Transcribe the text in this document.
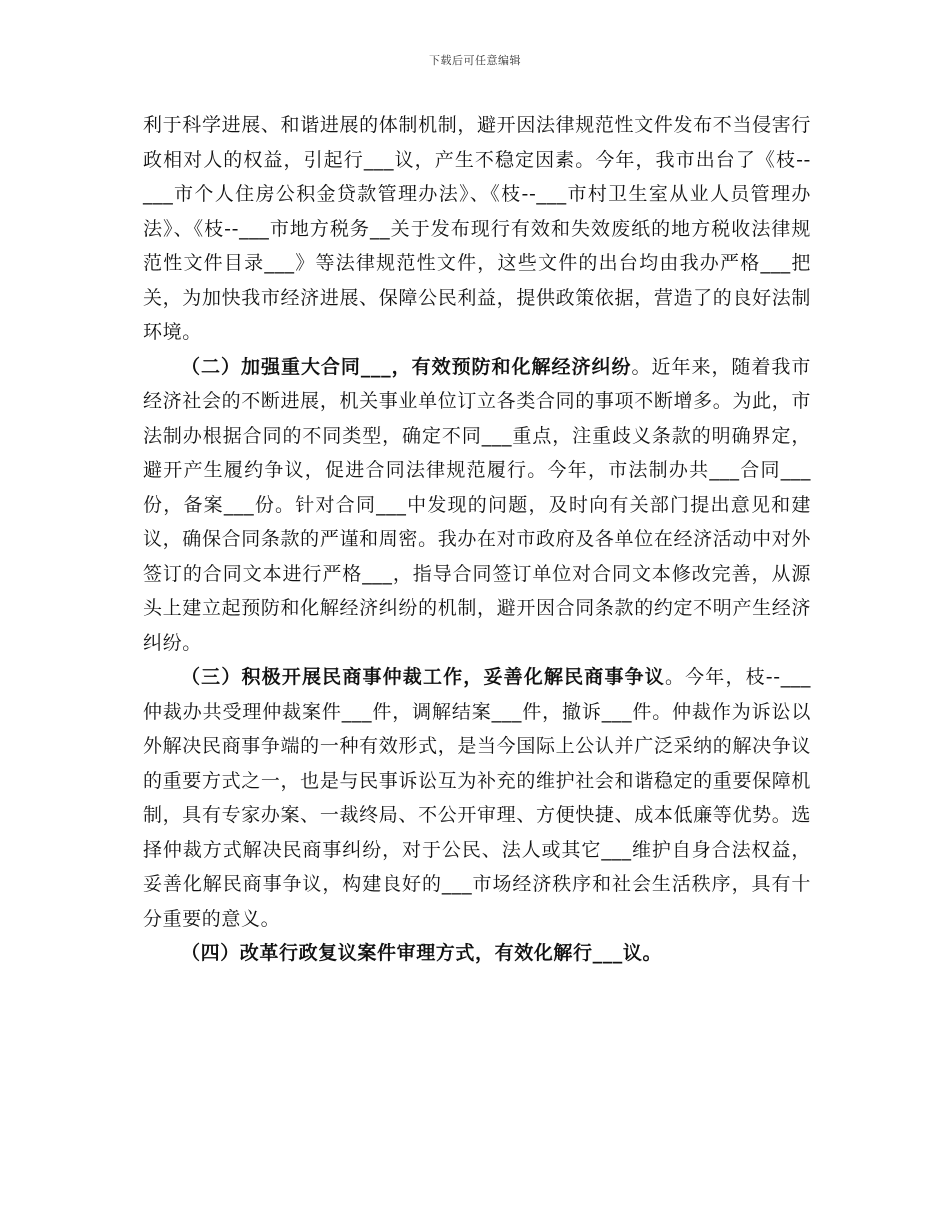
下载后可任意编辑

利于科学进展、和谐进展的体制机制，避开因法律规范性文件发布不当侵害行政相对人的权益，引起行___议，产生不稳定因素。今年，我市出台了《枝--___市个人住房公积金贷款管理办法》、《枝--___市村卫生室从业人员管理办法》、《枝--___市地方税务__关于发布现行有效和失效废纸的地方税收法律规范性文件目录___》等法律规范性文件，这些文件的出台均由我办严格___把关，为加快我市经济进展、保障公民利益，提供政策依据，营造了的良好法制环境。

（二）加强重大合同___，有效预防和化解经济纠纷。近年来，随着我市经济社会的不断进展，机关事业单位订立各类合同的事项不断增多。为此，市法制办根据合同的不同类型，确定不同___重点，注重歧义条款的明确界定，避开产生履约争议，促进合同法律规范履行。今年，市法制办共___合同___份，备案___份。针对合同___中发现的问题，及时向有关部门提出意见和建议，确保合同条款的严谨和周密。我办在对市政府及各单位在经济活动中对外签订的合同文本进行严格___，指导合同签订单位对合同文本修改完善，从源头上建立起预防和化解经济纠纷的机制，避开因合同条款的约定不明产生经济纠纷。

（三）积极开展民商事仲裁工作，妥善化解民商事争议。今年，枝--___仲裁办共受理仲裁案件___件，调解结案___件，撤诉___件。仲裁作为诉讼以外解决民商事争端的一种有效形式，是当今国际上公认并广泛采纳的解决争议的重要方式之一，也是与民事诉讼互为补充的维护社会和谐稳定的重要保障机制，具有专家办案、一裁终局、不公开审理、方便快捷、成本低廉等优势。选择仲裁方式解决民商事纠纷，对于公民、法人或其它___维护自身合法权益，妥善化解民商事争议，构建良好的___市场经济秩序和社会生活秩序，具有十分重要的意义。

（四）改革行政复议案件审理方式，有效化解行___议。
